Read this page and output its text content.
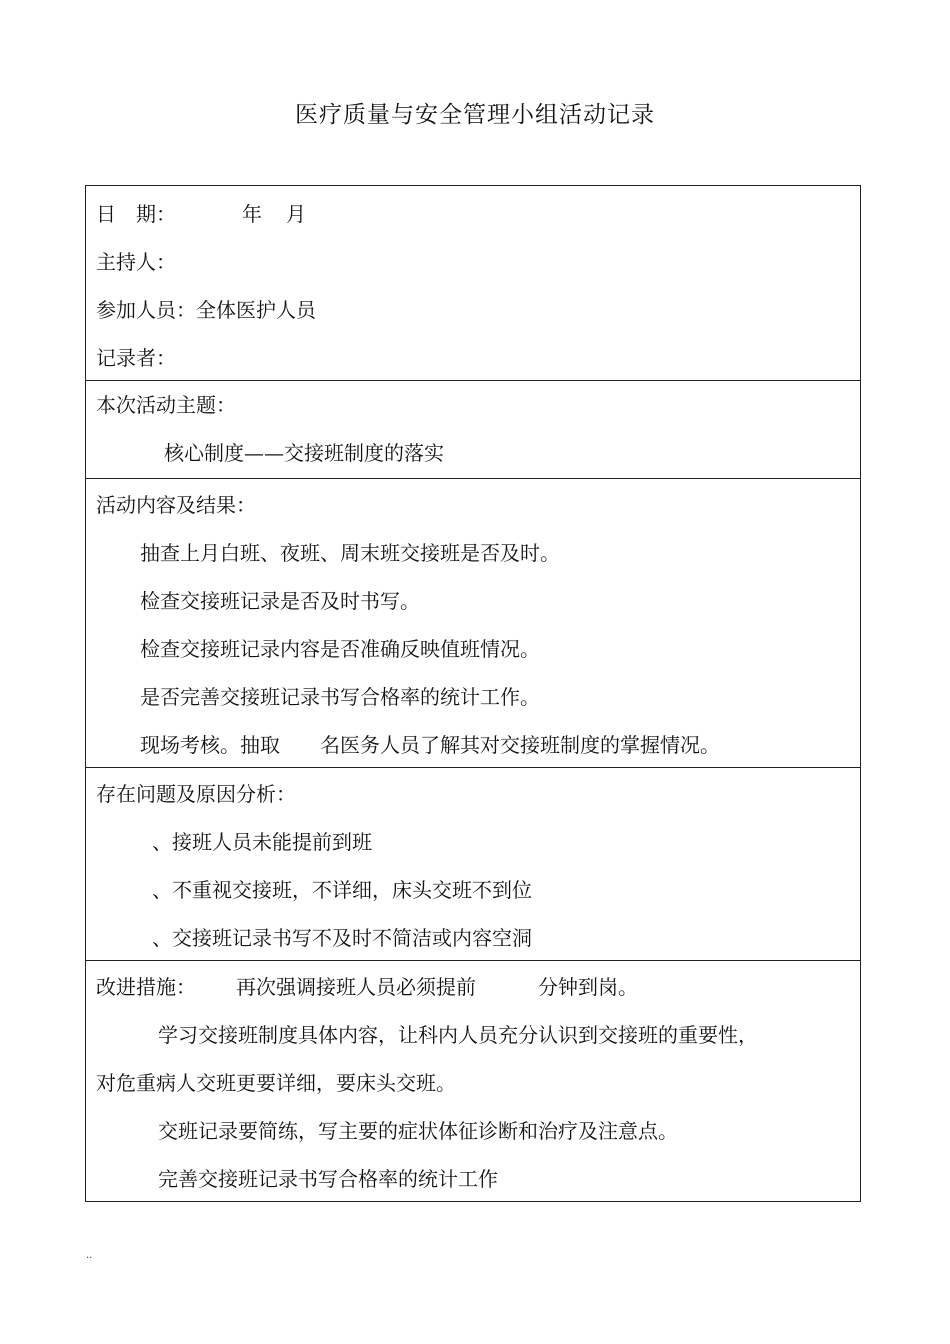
医疗质量与安全管理小组活动记录
日　期：	年 月
主持人：
参加人员：全体医护人员
记录者：
本次活动主题：
核心制度——交接班制度的落实
活动内容及结果：
抽查上月白班、夜班、周末班交接班是否及时。
检查交接班记录是否及时书写。
检查交接班记录内容是否准确反映值班情况。
是否完善交接班记录书写合格率的统计工作。
现场考核。抽取　　名医务人员了解其对交接班制度的掌握情况。
存在问题及原因分析：
、接班人员未能提前到班
、不重视交接班，不详细，床头交班不到位
、交接班记录书写不及时不简洁或内容空洞
改进措施： 再次强调接班人员必须提前	分钟到岗。
学习交接班制度具体内容，让科内人员充分认识到交接班的重要性，
对危重病人交班更要详细，要床头交班。
交班记录要简练，写主要的症状体征诊断和治疗及注意点。
完善交接班记录书写合格率的统计工作
..
